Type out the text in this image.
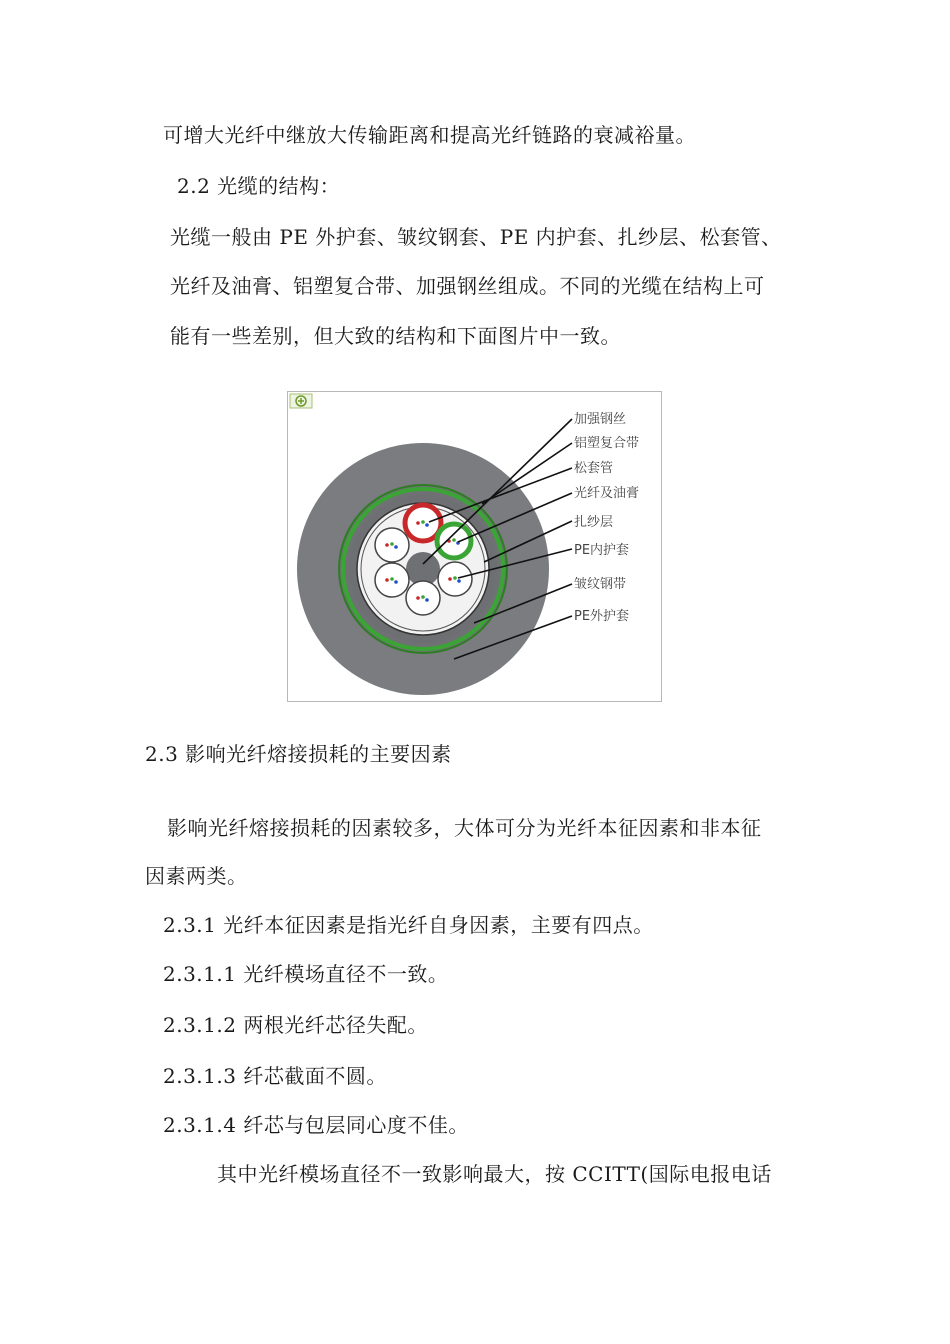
可增大光纤中继放大传输距离和提高光纤链路的衰减裕量。
2.2 光缆的结构：
光缆一般由 PE 外护套、皱纹钢套、PE 内护套、扎纱层、松套管、
光纤及油膏、铝塑复合带、加强钢丝组成。不同的光缆在结构上可
能有一些差别，但大致的结构和下面图片中一致。
加强钢丝
铝塑复合带
松套管
光纤及油膏
扎纱层
PE内护套
皱纹钢带
PE外护套
2.3 影响光纤熔接损耗的主要因素
影响光纤熔接损耗的因素较多，大体可分为光纤本征因素和非本征
因素两类。
2.3.1 光纤本征因素是指光纤自身因素，主要有四点。
2.3.1.1 光纤模场直径不一致。
2.3.1.2 两根光纤芯径失配。
2.3.1.3 纤芯截面不圆。
2.3.1.4 纤芯与包层同心度不佳。
其中光纤模场直径不一致影响最大，按 CCITT(国际电报电话
